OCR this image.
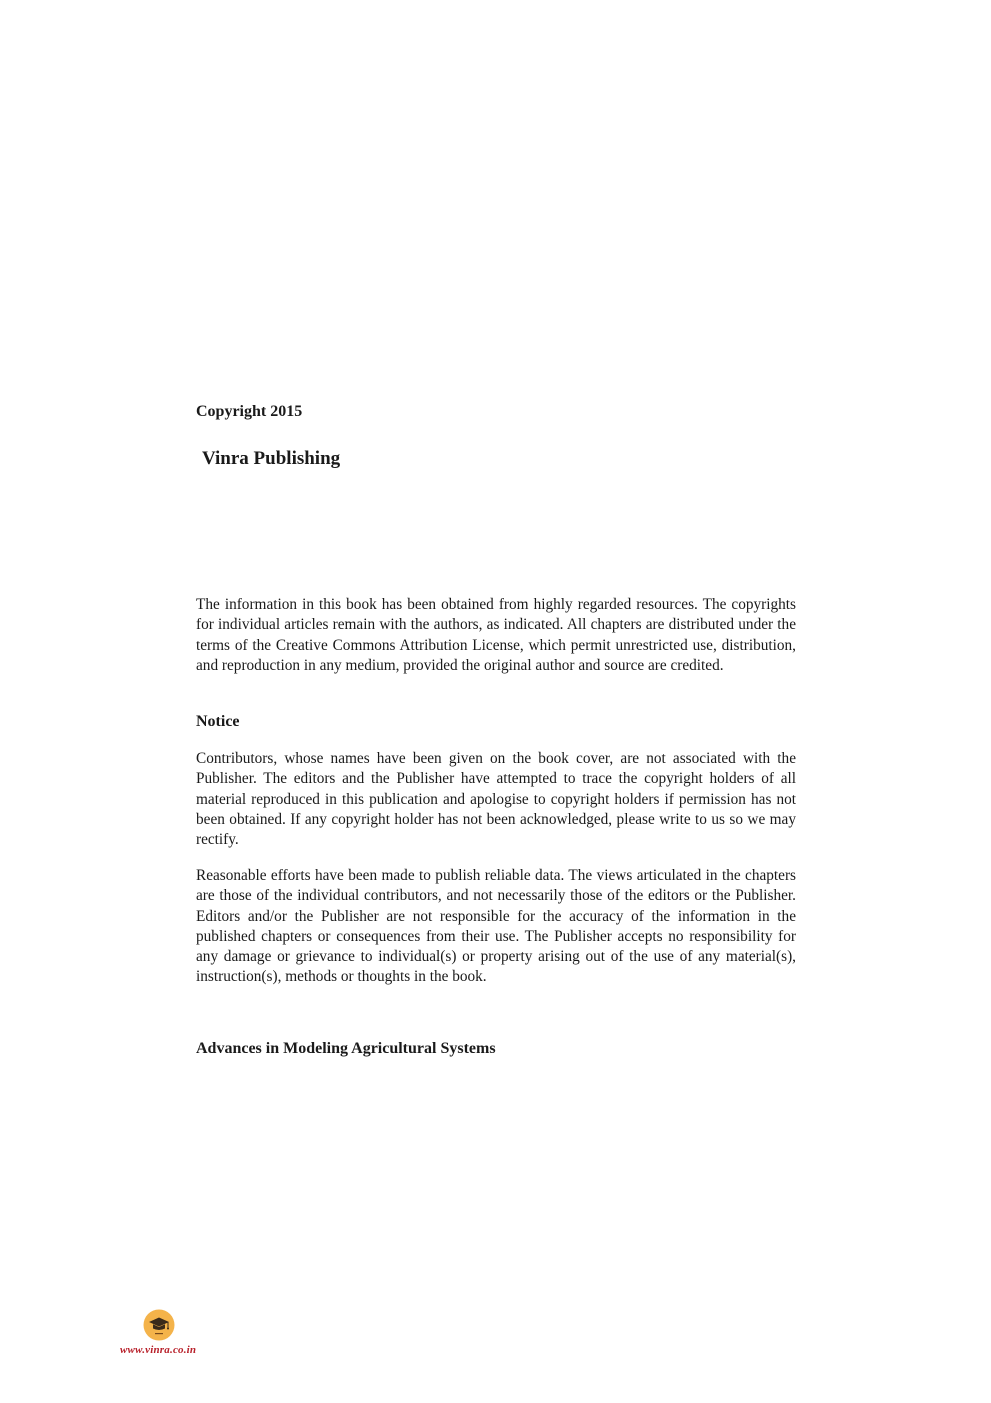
Copyright 2015
Vinra Publishing

The information in this book has been obtained from highly regarded resources. The copyrights for individual articles remain with the authors, as indicated. All chapters are distributed under the terms of the Creative Commons Attribution License, which permit unrestricted use, distribution, and reproduction in any medium, provided the original author and source are credited.

Notice

Contributors, whose names have been given on the book cover, are not associated with the Publisher. The editors and the Publisher have attempted to trace the copyright holders of all material reproduced in this publication and apologise to copyright holders if permission has not been obtained. If any copyright holder has not been acknowledged, please write to us so we may rectify.

Reasonable efforts have been made to publish reliable data. The views articulated in the chapters are those of the individual contributors, and not necessarily those of the editors or the Publisher. Editors and/or the Publisher are not responsible for the accuracy of the information in the published chapters or consequences from their use. The Publisher accepts no responsibility for any damage or grievance to individual(s) or property arising out of the use of any material(s), instruction(s), methods or thoughts in the book.

Advances in Modeling Agricultural Systems
www.vinra.co.in
